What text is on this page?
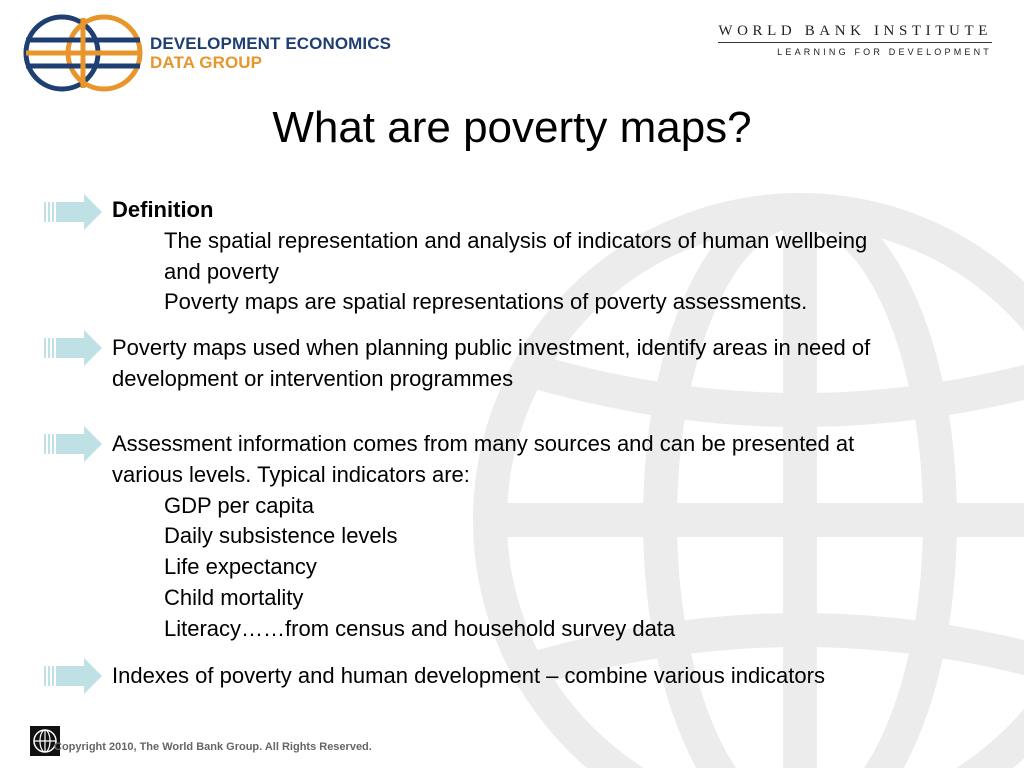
DEVELOPMENT ECONOMICS
DATA GROUP
WORLD BANK INSTITUTE
LEARNING FOR DEVELOPMENT
What are poverty maps?
Definition
The spatial representation and analysis of indicators of human wellbeing
and poverty
Poverty maps are spatial representations of poverty assessments.
Poverty maps used when planning public investment, identify areas in need of
development or intervention programmes
Assessment information comes from many sources and can be presented at
various levels. Typical indicators are:
GDP per capita
Daily subsistence levels
Life expectancy
Child mortality
Literacy……from census and household survey data
Indexes of poverty and human development – combine various indicators
Copyright 2010, The World Bank Group. All Rights Reserved.
